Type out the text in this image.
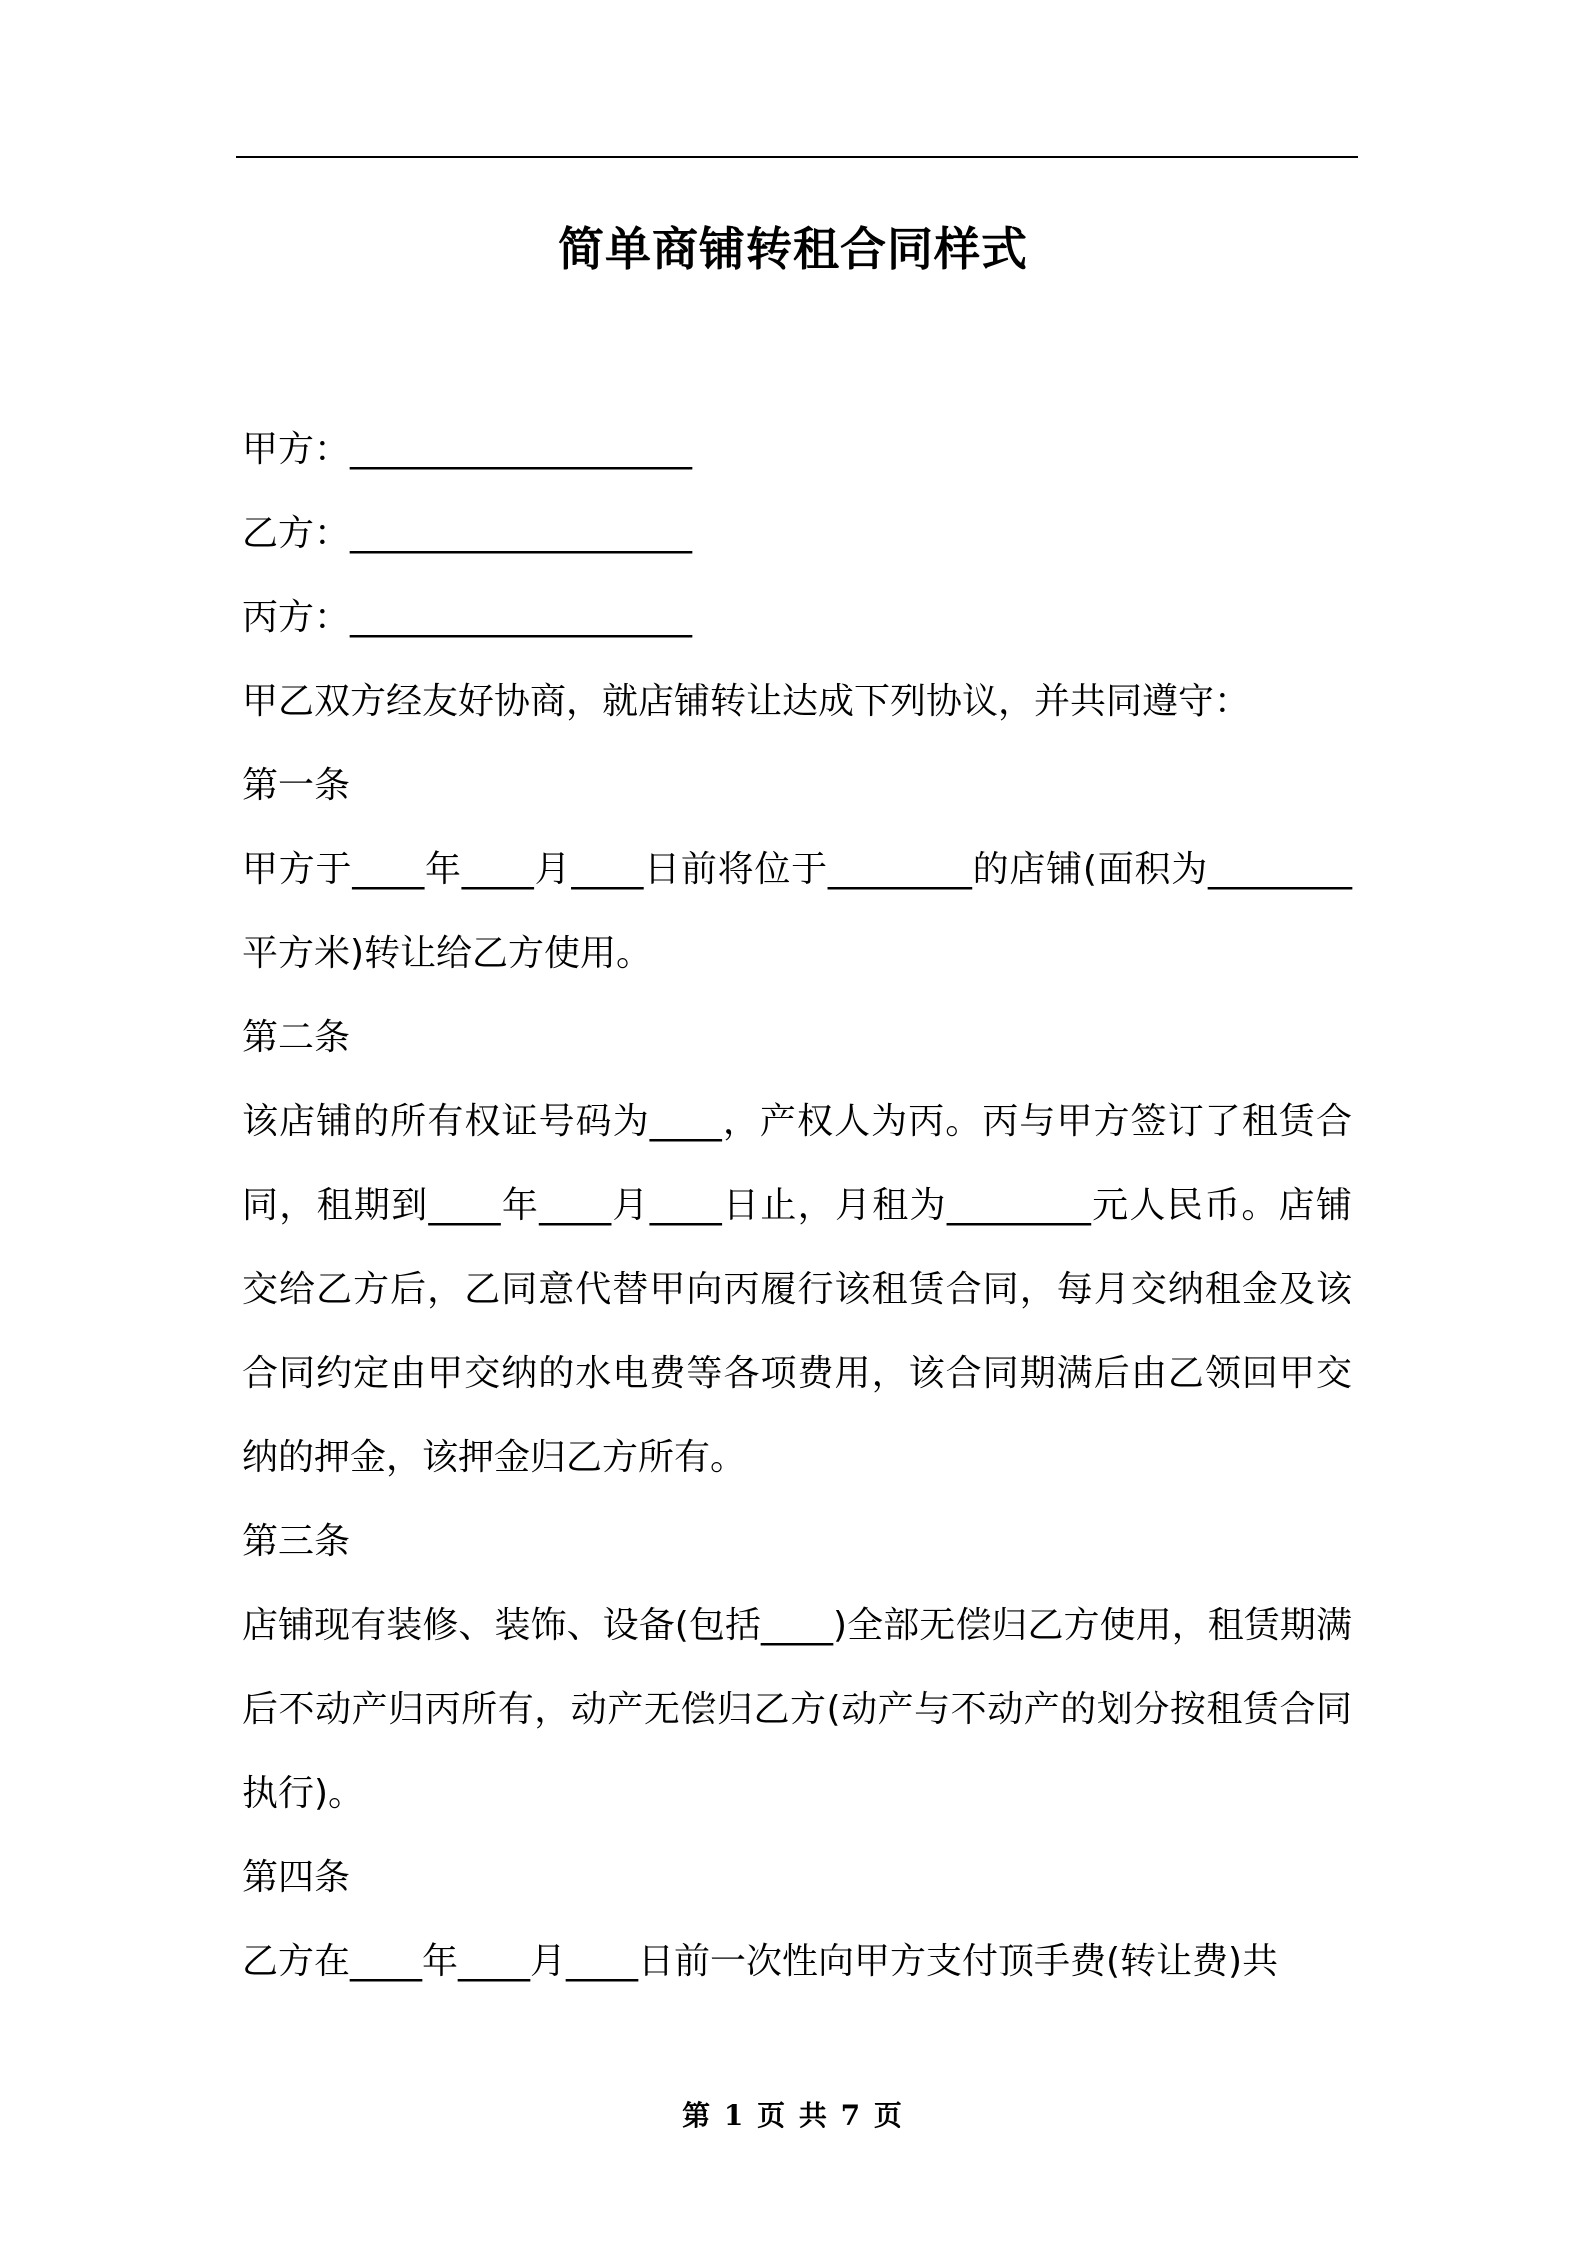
简单商铺转租合同样式

甲方：___________________

乙方：___________________

丙方：___________________

甲乙双方经友好协商，就店铺转让达成下列协议，并共同遵守：

第一条

甲方于____年____月____日前将位于________的店铺(面积为________平方米)转让给乙方使用。

第二条

该店铺的所有权证号码为____，产权人为丙。丙与甲方签订了租赁合同，租期到____年____月____日止，月租为________元人民币。店铺交给乙方后，乙同意代替甲向丙履行该租赁合同，每月交纳租金及该合同约定由甲交纳的水电费等各项费用，该合同期满后由乙领回甲交纳的押金，该押金归乙方所有。

第三条

店铺现有装修、装饰、设备(包括____)全部无偿归乙方使用，租赁期满后不动产归丙所有，动产无偿归乙方(动产与不动产的划分按租赁合同执行)。

第四条

乙方在____年____月____日前一次性向甲方支付顶手费(转让费)共

第 1 页 共 7 页
